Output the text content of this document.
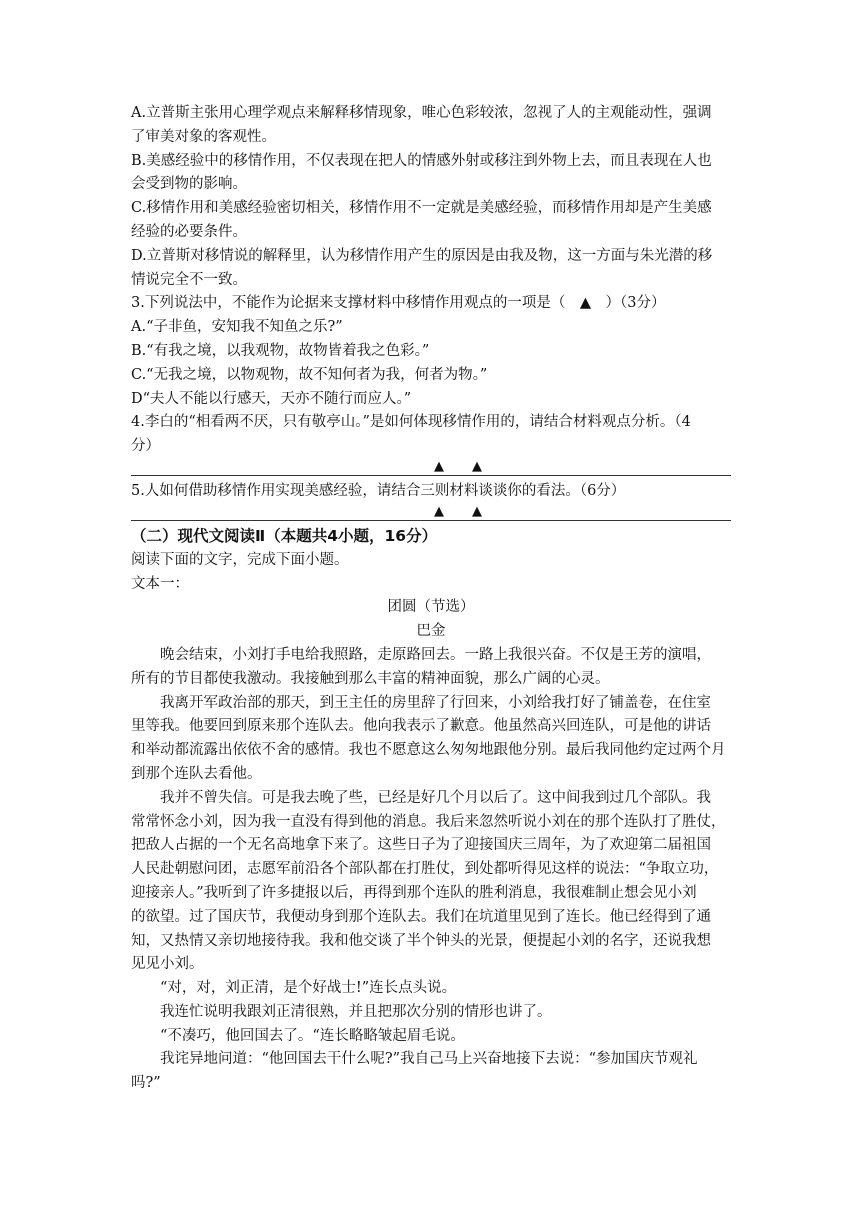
A.立普斯主张用心理学观点来解释移情现象，唯心色彩较浓，忽视了人的主观能动性，强调
了审美对象的客观性。
B.美感经验中的移情作用，不仅表现在把人的情感外射或移注到外物上去，而且表现在人也
会受到物的影响。
C.移情作用和美感经验密切相关，移情作用不一定就是美感经验，而移情作用却是产生美感
经验的必要条件。
D.立普斯对移情说的解释里，认为移情作用产生的原因是由我及物，这一方面与朱光潜的移
情说完全不一致。
3.下列说法中，不能作为论据来支撑材料中移情作用观点的一项是（　▲　）（3分）
A.“子非鱼，安知我不知鱼之乐?”
B.“有我之境，以我观物，故物皆着我之色彩。”
C.“无我之境，以物观物，故不知何者为我，何者为物。”
D“夫人不能以行感天，天亦不随行而应人。”
4.李白的“相看两不厌，只有敬亭山。”是如何体现移情作用的，请结合材料观点分析。（4
分）
▲▲
5.人如何借助移情作用实现美感经验，请结合三则材料谈谈你的看法。（6分）
▲▲
（二）现代文阅读Ⅱ（本题共4小题，16分）
阅读下面的文字，完成下面小题。
文本一：
团圆（节选）
巴金
晚会结束，小刘打手电给我照路，走原路回去。一路上我很兴奋。不仅是王芳的演唱，
所有的节目都使我激动。我接触到那么丰富的精神面貌，那么广阔的心灵。
我离开军政治部的那天，到王主任的房里辞了行回来，小刘给我打好了铺盖卷，在住室
里等我。他要回到原来那个连队去。他向我表示了歉意。他虽然高兴回连队，可是他的讲话
和举动都流露出依依不舍的感情。我也不愿意这么匆匆地跟他分别。最后我同他约定过两个月
到那个连队去看他。
我并不曾失信。可是我去晚了些，已经是好几个月以后了。这中间我到过几个部队。我
常常怀念小刘，因为我一直没有得到他的消息。我后来忽然听说小刘在的那个连队打了胜仗，
把敌人占据的一个无名高地拿下来了。这些日子为了迎接国庆三周年，为了欢迎第二届祖国
人民赴朝慰问团，志愿军前沿各个部队都在打胜仗，到处都听得见这样的说法：“争取立功，
迎接亲人。”我听到了许多捷报以后，再得到那个连队的胜利消息，我很难制止想会见小刘
的欲望。过了国庆节，我便动身到那个连队去。我们在坑道里见到了连长。他已经得到了通
知，又热情又亲切地接待我。我和他交谈了半个钟头的光景，便提起小刘的名字，还说我想
见见小刘。
“对，对，刘正清，是个好战士!”连长点头说。
我连忙说明我跟刘正清很熟，并且把那次分别的情形也讲了。
“不凑巧，他回国去了。“连长略略皱起眉毛说。
我诧异地问道：“他回国去干什么呢?”我自己马上兴奋地接下去说：“参加国庆节观礼
吗?”
